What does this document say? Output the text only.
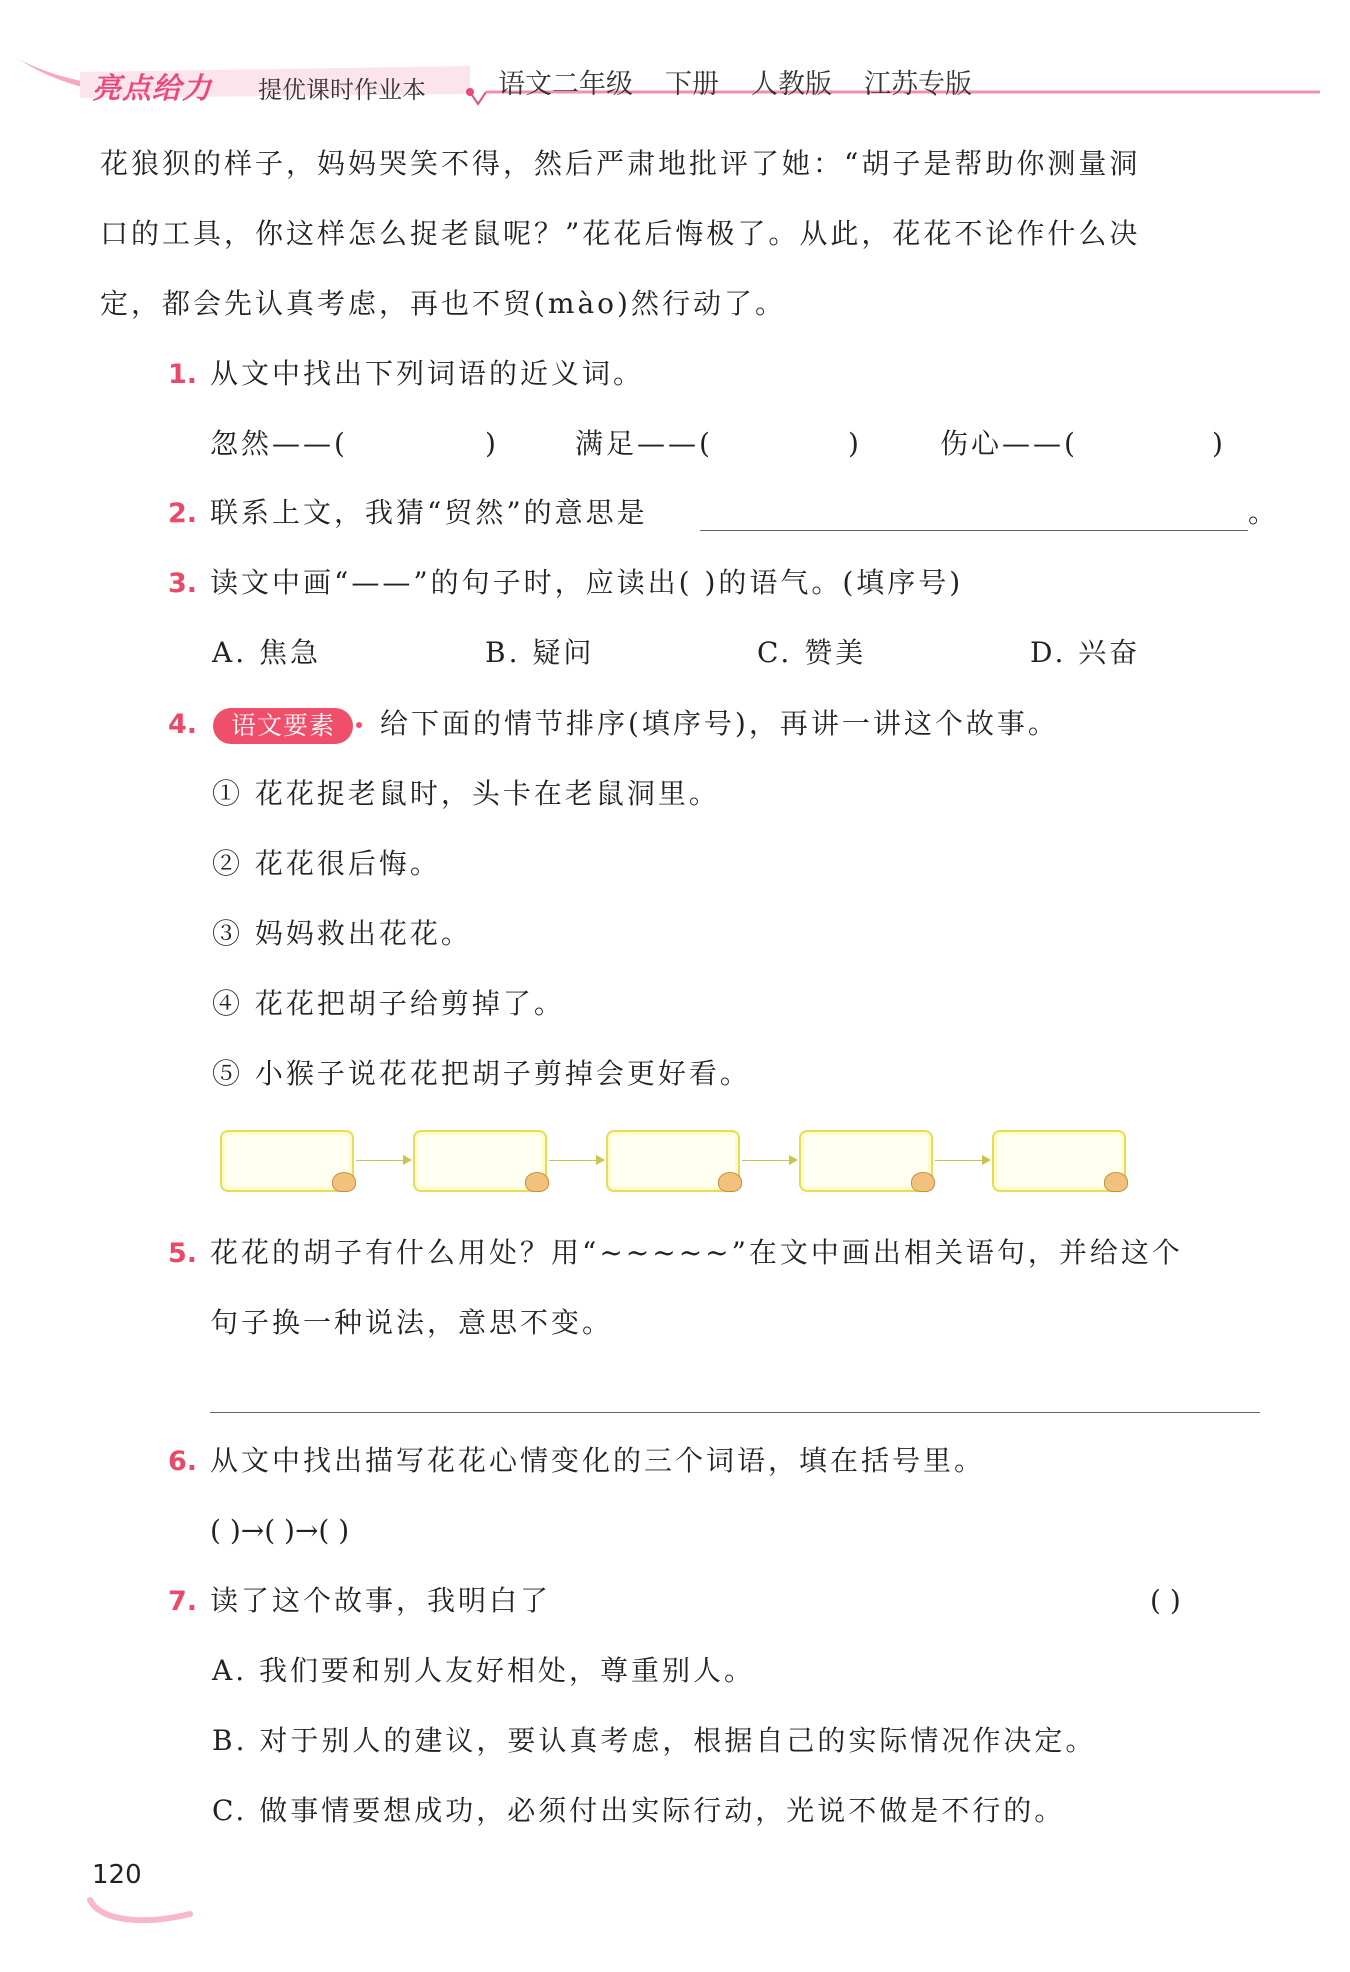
亮点给力 提优课时作业本	语文二年级 下册 人教版 江苏专版
花狼狈的样子，妈妈哭笑不得，然后严肃地批评了她：“胡子是帮助你测量洞
口的工具，你这样怎么捉老鼠呢？”花花后悔极了。从此，花花不论作什么决
定，都会先认真考虑，再也不贸(mào)然行动了。
1. 从文中找出下列词语的近义词。
忽然——(	)	满足——(	)	伤心——(	)
2. 联系上文，我猜“贸然”的意思是	。
3. 读文中画“——”的句子时，应读出( )的语气。(填序号)
A. 焦急	B. 疑问	C. 赞美	D. 兴奋
4.	语文要素	给下面的情节排序(填序号)，再讲一讲这个故事。
① 花花捉老鼠时，头卡在老鼠洞里。
② 花花很后悔。
③ 妈妈救出花花。
④ 花花把胡子给剪掉了。
⑤ 小猴子说花花把胡子剪掉会更好看。
5. 花花的胡子有什么用处？用“~~~~~”在文中画出相关语句，并给这个
句子换一种说法，意思不变。
6. 从文中找出描写花花心情变化的三个词语，填在括号里。
( )→( )→( )
7. 读了这个故事，我明白了	( )
A. 我们要和别人友好相处，尊重别人。
B. 对于别人的建议，要认真考虑，根据自己的实际情况作决定。
C. 做事情要想成功，必须付出实际行动，光说不做是不行的。
120
